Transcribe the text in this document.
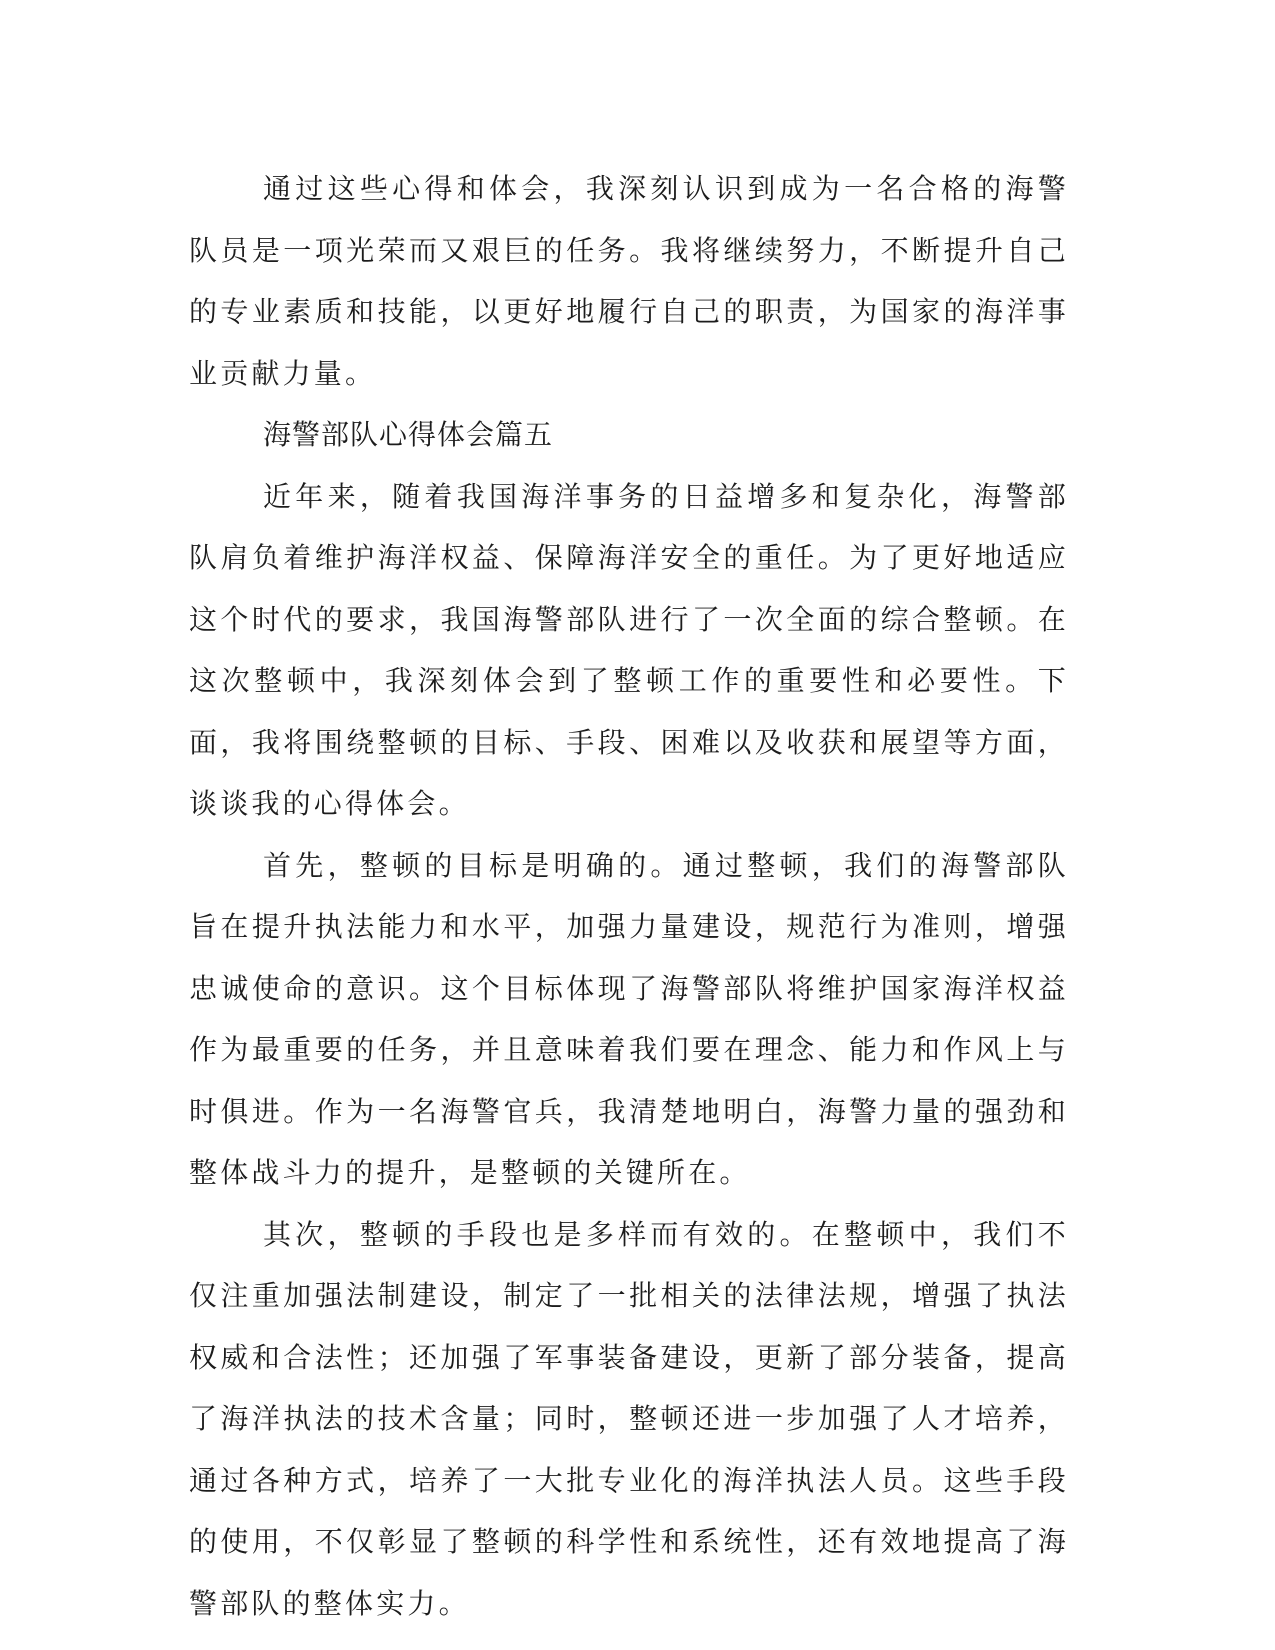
通过这些心得和体会，我深刻认识到成为一名合格的海警队员是一项光荣而又艰巨的任务。我将继续努力，不断提升自己的专业素质和技能，以更好地履行自己的职责，为国家的海洋事业贡献力量。

海警部队心得体会篇五

近年来，随着我国海洋事务的日益增多和复杂化，海警部队肩负着维护海洋权益、保障海洋安全的重任。为了更好地适应这个时代的要求，我国海警部队进行了一次全面的综合整顿。在这次整顿中，我深刻体会到了整顿工作的重要性和必要性。下面，我将围绕整顿的目标、手段、困难以及收获和展望等方面，谈谈我的心得体会。

首先，整顿的目标是明确的。通过整顿，我们的海警部队旨在提升执法能力和水平，加强力量建设，规范行为准则，增强忠诚使命的意识。这个目标体现了海警部队将维护国家海洋权益作为最重要的任务，并且意味着我们要在理念、能力和作风上与时俱进。作为一名海警官兵，我清楚地明白，海警力量的强劲和整体战斗力的提升，是整顿的关键所在。

其次，整顿的手段也是多样而有效的。在整顿中，我们不仅注重加强法制建设，制定了一批相关的法律法规，增强了执法权威和合法性；还加强了军事装备建设，更新了部分装备，提高了海洋执法的技术含量；同时，整顿还进一步加强了人才培养，通过各种方式，培养了一大批专业化的海洋执法人员。这些手段的使用，不仅彰显了整顿的科学性和系统性，还有效地提高了海警部队的整体实力。
